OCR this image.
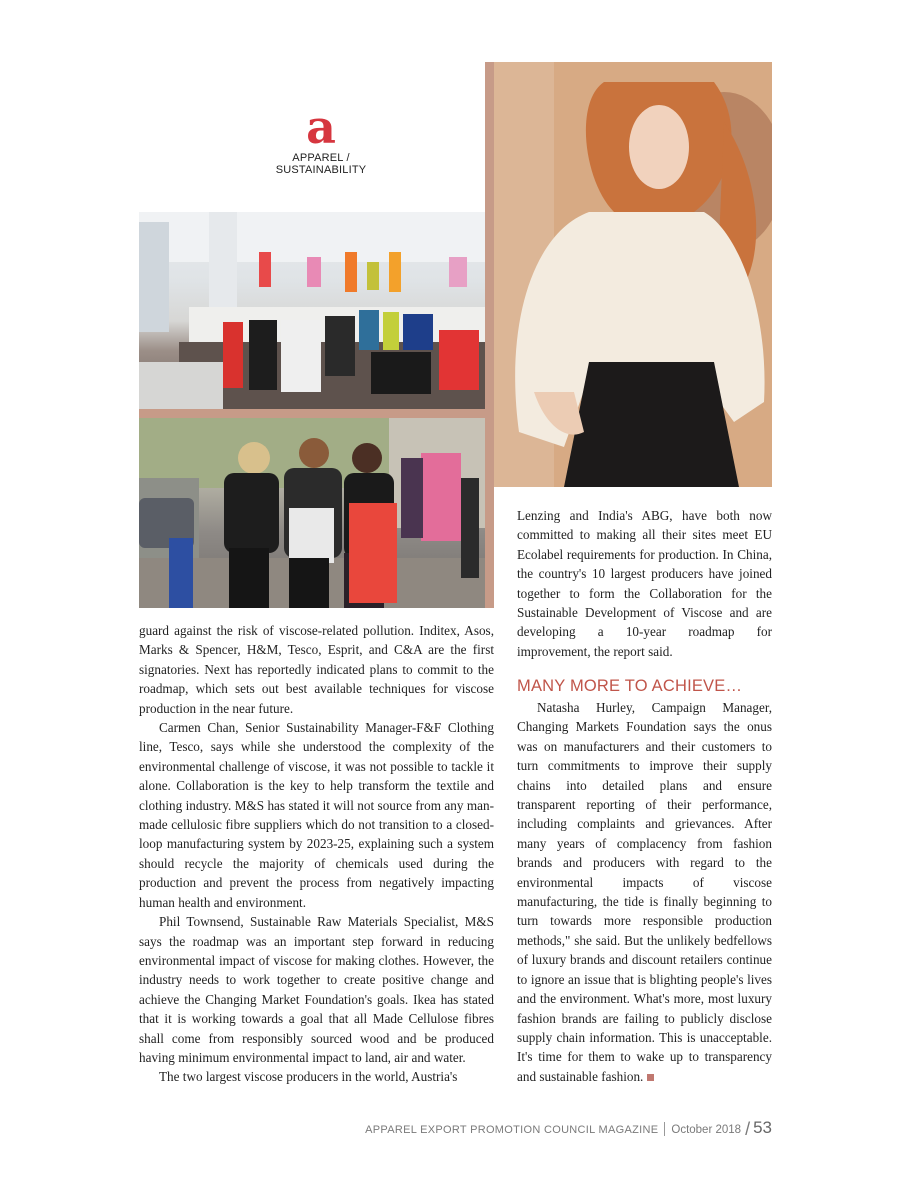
a
APPAREL / SUSTAINABILITY

guard against the risk of viscose-related pollution. Inditex, Asos, Marks & Spencer, H&M, Tesco, Esprit, and C&A are the first signatories. Next has reportedly indicated plans to commit to the roadmap, which sets out best available techniques for viscose production in the near future.

Carmen Chan, Senior Sustainability Manager-F&F Clothing line, Tesco, says while she understood the complexity of the environmental challenge of viscose, it was not possible to tackle it alone. Collaboration is the key to help transform the textile and clothing industry. M&S has stated it will not source from any man-made cellulosic fibre suppliers which do not transition to a closed-loop manufacturing system by 2023-25, explaining such a system should recycle the majority of chemicals used during the production and prevent the process from negatively impacting human health and environment.

Phil Townsend, Sustainable Raw Materials Specialist, M&S says the roadmap was an important step forward in reducing environmental impact of viscose for making clothes. However, the industry needs to work together to create positive change and achieve the Changing Market Foundation's goals. Ikea has stated that it is working towards a goal that all Made Cellulose fibres shall come from responsibly sourced wood and be produced having minimum environmental impact to land, air and water.

The two largest viscose producers in the world, Austria's

Lenzing and India's ABG, have both now committed to making all their sites meet EU Ecolabel requirements for production. In China, the country's 10 largest producers have joined together to form the Collaboration for the Sustainable Development of Viscose and are developing a 10-year roadmap for improvement, the report said.

MANY MORE TO ACHIEVE…

Natasha Hurley, Campaign Manager, Changing Markets Foundation says the onus was on manufacturers and their customers to turn commitments to improve their supply chains into detailed plans and ensure transparent reporting of their performance, including complaints and grievances. After many years of complacency from fashion brands and producers with regard to the environmental impacts of viscose manufacturing, the tide is finally beginning to turn towards more responsible production methods," she said. But the unlikely bedfellows of luxury brands and discount retailers continue to ignore an issue that is blighting people's lives and the environment. What's more, most luxury fashion brands are failing to publicly disclose supply chain information. This is unacceptable. It's time for them to wake up to transparency and sustainable fashion.

APPAREL EXPORT PROMOTION COUNCIL MAGAZINE October 2018 / 53
